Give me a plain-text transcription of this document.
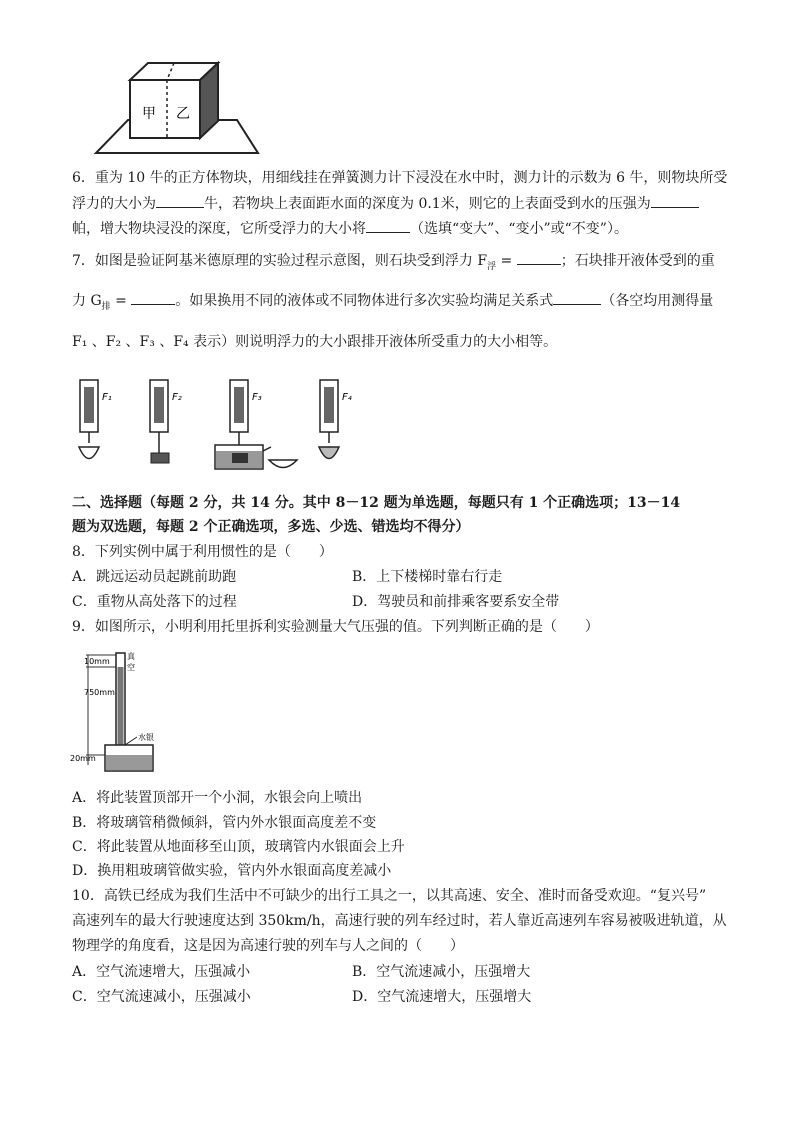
甲 乙
6．重为 10 牛的正方体物块，用细线挂在弹簧测力计下浸没在水中时，测力计的示数为 6 牛，则物块所受
浮力的大小为	牛，若物块上表面距水面的深度为 0.1米，则它的上表面受到水的压强为
帕，增大物块浸没的深度，它所受浮力的大小将	（选填“变大”、“变小”或“不变”）。
7．如图是验证阿基米德原理的实验过程示意图，则石块受到浮力 $F_浮$ =	；石块排开液体受到的重
力 $G_排$ =	。如果换用不同的液体或不同物体进行多次实验均满足关系式	（各空均用测得量
F₁ 、F₂ 、F₃ 、F₄ 表示）则说明浮力的大小跟排开液体所受重力的大小相等。
F₁	F₂	F₃	F₄
二、选择题（每题 2 分，共 14 分。其中 8－12 题为单选题，每题只有 1 个正确选项；13－14
题为双选题，每题 2 个正确选项，多选、少选、错选均不得分）
8．下列实例中属于利用惯性的是（　　）
A．跳远运动员起跳前助跑	B．上下楼梯时靠右行走
C．重物从高处落下的过程	D．驾驶员和前排乘客要系安全带
9．如图所示，小明利用托里拆利实验测量大气压强的值。下列判断正确的是（　　）
10mm
750mm
20mm
真
空
水银
A．将此装置顶部开一个小洞，水银会向上喷出
B．将玻璃管稍微倾斜，管内外水银面高度差不变
C．将此装置从地面移至山顶，玻璃管内水银面会上升
D．换用粗玻璃管做实验，管内外水银面高度差减小
10．高铁已经成为我们生活中不可缺少的出行工具之一，以其高速、安全、准时而备受欢迎。“复兴号”
高速列车的最大行驶速度达到 350km/h，高速行驶的列车经过时，若人靠近高速列车容易被吸进轨道，从
物理学的角度看，这是因为高速行驶的列车与人之间的（　　）
A．空气流速增大，压强减小	B．空气流速减小，压强增大
C．空气流速减小，压强减小	D．空气流速增大，压强增大
